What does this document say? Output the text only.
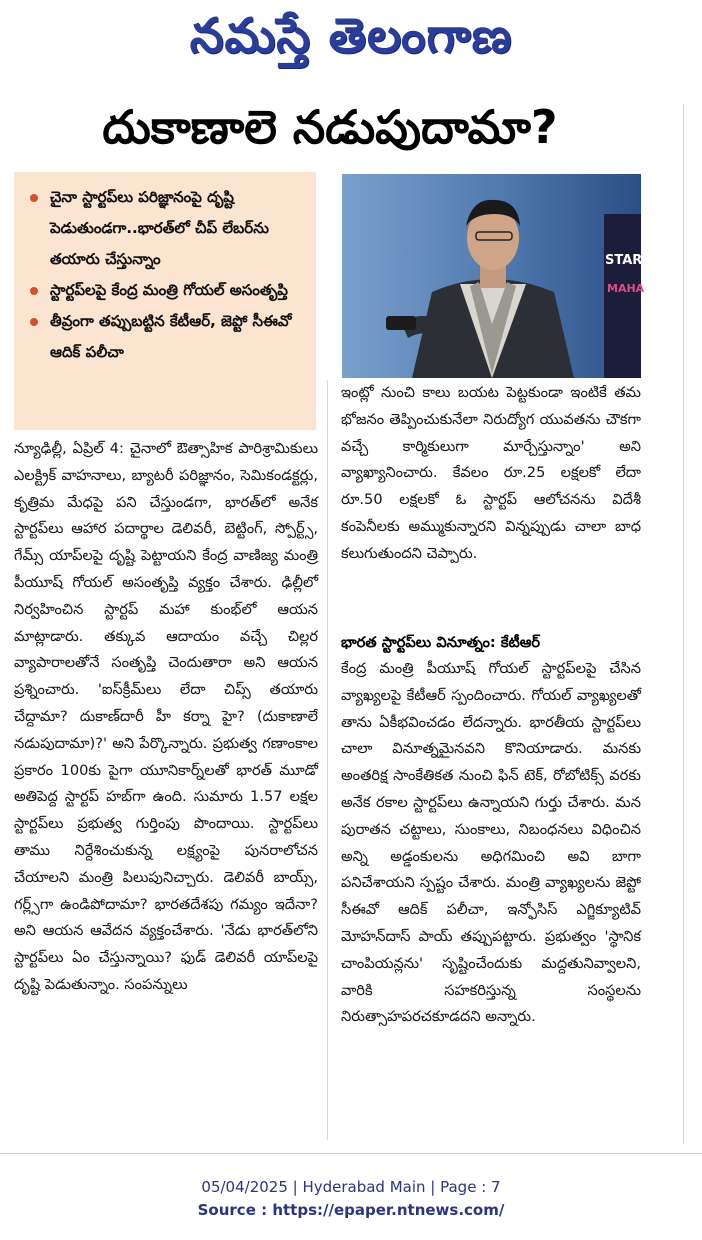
నమస్తే తెలంగాణ
దుకాణాలె నడుపుదామా?
చైనా స్టార్టప్‌లు పరిజ్ఞానంపై దృష్టి పెడుతుండగా..భారత్‌లో చీప్ లేబర్‌ను తయారు చేస్తున్నాం
స్టార్టప్‌లపై కేంద్ర మంత్రి గోయల్ అసంతృప్తి
తీవ్రంగా తప్పుబట్టిన కేటీఆర్, జెప్టో సీఈవో ఆదిక్ పలీచా
STARTU
MAHA

న్యూఢిల్లీ, ఏప్రిల్ 4: చైనాలో ఔత్సాహిక పారిశ్రామికులు ఎలక్ట్రిక్ వాహనాలు, బ్యాటరీ పరిజ్ఞానం, సెమికండక్టర్లు, కృత్రిమ మేధపై పని చేస్తుండగా, భారత్‌లో అనేక స్టార్టప్‌లు ఆహార పదార్థాల డెలివరీ, బెట్టింగ్, స్పోర్ట్స్, గేమ్స్ యాప్‌లపై దృష్టి పెట్టాయని కేంద్ర వాణిజ్య మంత్రి పీయూష్ గోయల్ అసంతృప్తి వ్యక్తం చేశారు. ఢిల్లీలో నిర్వహించిన స్టార్టప్ మహా కుంభ్‌లో ఆయన మాట్లాడారు. తక్కువ ఆదాయం వచ్చే చిల్లర వ్యాపారాలతోనే సంతృప్తి చెందుతారా అని ఆయన ప్రశ్నించారు. 'ఐస్‌క్రీమ్‌లు లేదా చిప్స్ తయారు చేద్దామా? దుకాణ్‌దారీ హీ కర్నా హై? (దుకాణాలే నడుపుదామా)?' అని పేర్కొన్నారు. ప్రభుత్వ గణాంకాల ప్రకారం 100కు పైగా యూనికార్న్‌లతో భారత్ మూడో అతిపెద్ద స్టార్టప్ హబ్‌గా ఉంది. సుమారు 1.57 లక్షల స్టార్టప్‌లు ప్రభుత్వ గుర్తింపు పొందాయి. స్టార్టప్‌లు తాము నిర్దేశించుకున్న లక్ష్యంపై పునరాలోచన చేయాలని మంత్రి పిలుపునిచ్చారు. డెలివరీ బాయ్స్, గర్ల్స్‌గా ఉండిపోదామా? భారతదేశపు గమ్యం ఇదేనా? అని ఆయన ఆవేదన వ్యక్తంచేశారు. 'నేడు భారత్‌లోని స్టార్టప్‌లు ఏం చేస్తున్నాయి? ఫుడ్ డెలివరీ యాప్‌లపై దృష్టి పెడుతున్నాం. సంపన్నులు

ఇంట్లో నుంచి కాలు బయట పెట్టకుండా ఇంటికే తమ భోజనం తెప్పించుకునేలా నిరుద్యోగ యువతను చౌకగా వచ్చే కార్మికులుగా మార్చేస్తున్నాం' అని వ్యాఖ్యానించారు. కేవలం రూ.25 లక్షలకో లేదా రూ.50 లక్షలకో ఓ స్టార్టప్ ఆలోచనను విదేశీ కంపెనీలకు అమ్ముకున్నారని విన్నప్పుడు చాలా బాధ కలుగుతుందని చెప్పారు.

భారత స్టార్టప్‌లు వినూత్నం: కేటీఆర్

కేంద్ర మంత్రి పీయూష్ గోయల్ స్టార్టప్‌లపై చేసిన వ్యాఖ్యలపై కేటీఆర్ స్పందించారు. గోయల్ వ్యాఖ్యలతో తాను ఏకీభవించడం లేదన్నారు. భారతీయ స్టార్టప్‌లు చాలా వినూత్నమైనవని కొనియాడారు. మనకు అంతరిక్ష సాంకేతికత నుంచి ఫిన్ టెక్, రోబోటిక్స్ వరకు అనేక రకాల స్టార్టప్‌లు ఉన్నాయని గుర్తు చేశారు. మన పురాతన చట్టాలు, సుంకాలు, నిబంధనలు విధించిన అన్ని అడ్డంకులను అధిగమించి అవి బాగా పనిచేశాయని స్పష్టం చేశారు. మంత్రి వ్యాఖ్యలను జెప్టో సీఈవో ఆదిక్ పలీచా, ఇన్ఫోసిస్ ఎగ్జిక్యూటివ్ మోహన్‌దాస్ పాయ్ తప్పుపట్టారు. ప్రభుత్వం 'స్థానిక చాంపియన్లను' సృష్టించేందుకు మద్దతునివ్వాలని, వారికి సహకరిస్తున్న సంస్థలను నిరుత్సాహపరచకూడదని అన్నారు.

05/04/2025 | Hyderabad Main | Page : 7
Source : https://epaper.ntnews.com/
